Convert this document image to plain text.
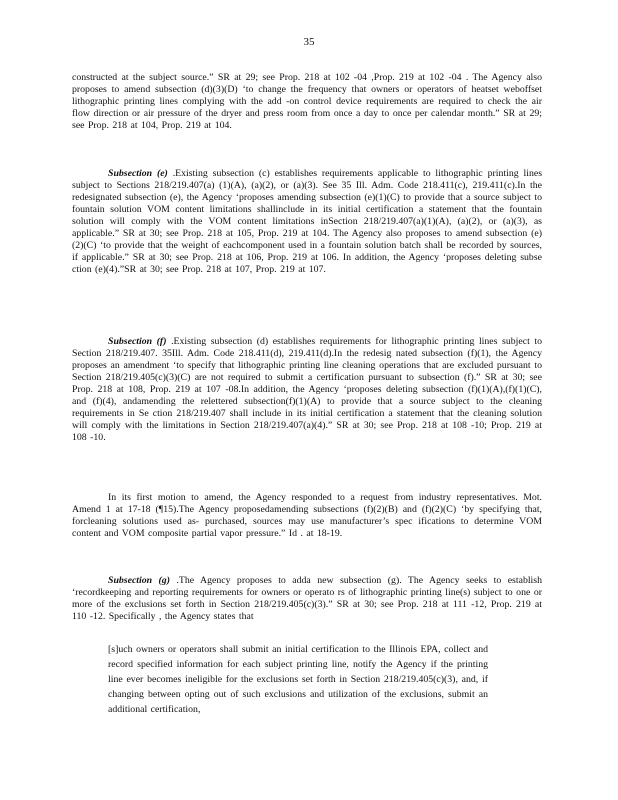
35

constructed at the subject source.” SR at 29; see Prop. 218 at 102 -04 ,Prop. 219 at 102 -04 . The Agency also proposes to amend subsection (d)(3)(D) ‘to change the frequency that owners or operators of heatset weboffset lithographic printing lines complying with the add -on control device requirements are required to check the air flow direction or air pressure of the dryer and press room from once a day to once per calendar month.” SR at 29; see Prop. 218 at 104, Prop. 219 at 104.

Subsection (e) .Existing subsection (c) establishes requirements applicable to lithographic printing lines subject to Sections 218/219.407(a) (1)(A), (a)(2), or (a)(3). See 35 Ill. Adm. Code 218.411(c), 219.411(c).In the redesignated subsection (e), the Agency ‘proposes amending subsection (e)(1)(C) to provide that a source subject to fountain solution VOM content limitations shallinclude in its initial certification a statement that the fountain solution will comply with the VOM content limitations inSection 218/219.407(a)(1)(A), (a)(2), or (a)(3), as applicable.” SR at 30; see Prop. 218 at 105, Prop. 219 at 104. The Agency also proposes to amend subsection (e)(2)(C) ‘to provide that the weight of eachcomponent used in a fountain solution batch shall be recorded by sources, if applicable.” SR at 30; see Prop. 218 at 106, Prop. 219 at 106. In addition, the Agency ‘proposes deleting subse ction (e)(4).”SR at 30; see Prop. 218 at 107, Prop. 219 at 107.

Subsection (f) .Existing subsection (d) establishes requirements for lithographic printing lines subject to Section 218/219.407. 35Ill. Adm. Code 218.411(d), 219.411(d).In the redesig nated subsection (f)(1), the Agency proposes an amendment ‘to specify that lithographic printing line cleaning operations that are excluded pursuant to Section 218/219.405(c)(3)(C) are not required to submit a certification pursuant to subsection (f).” SR at 30; see Prop. 218 at 108, Prop. 219 at 107 -08.In addition, the Agency ‘proposes deleting subsection (f)(1)(A),(f)(1)(C), and (f)(4), andamending the relettered subsection(f)(1)(A) to provide that a source subject to the cleaning requirements in Se ction 218/219.407 shall include in its initial certification a statement that the cleaning solution will comply with the limitations in Section 218/219.407(a)(4).” SR at 30; see Prop. 218 at 108 -10; Prop. 219 at 108 -10.

In its first motion to amend, the Agency responded to a request from industry representatives. Mot. Amend 1 at 17-18 (¶15).The Agency proposedamending subsections (f)(2)(B) and (f)(2)(C) ‘by specifying that, forcleaning solutions used as- purchased, sources may use manufacturer’s spec ifications to determine VOM content and VOM composite partial vapor pressure.” Id . at 18-19.

Subsection (g) .The Agency proposes to adda new subsection (g). The Agency seeks to establish ‘recordkeeping and reporting requirements for owners or operato rs of lithographic printing line(s) subject to one or more of the exclusions set forth in Section 218/219.405(c)(3).” SR at 30; see Prop. 218 at 111 -12, Prop. 219 at 110 -12. Specifically , the Agency states that

[s]uch owners or operators shall submit an initial certification to the Illinois EPA, collect and record specified information for each subject printing line, notify the Agency if the printing line ever becomes ineligible for the exclusions set forth in Section 218/219.405(c)(3), and, if changing between opting out of such exclusions and utilization of the exclusions, submit an additional certification,
